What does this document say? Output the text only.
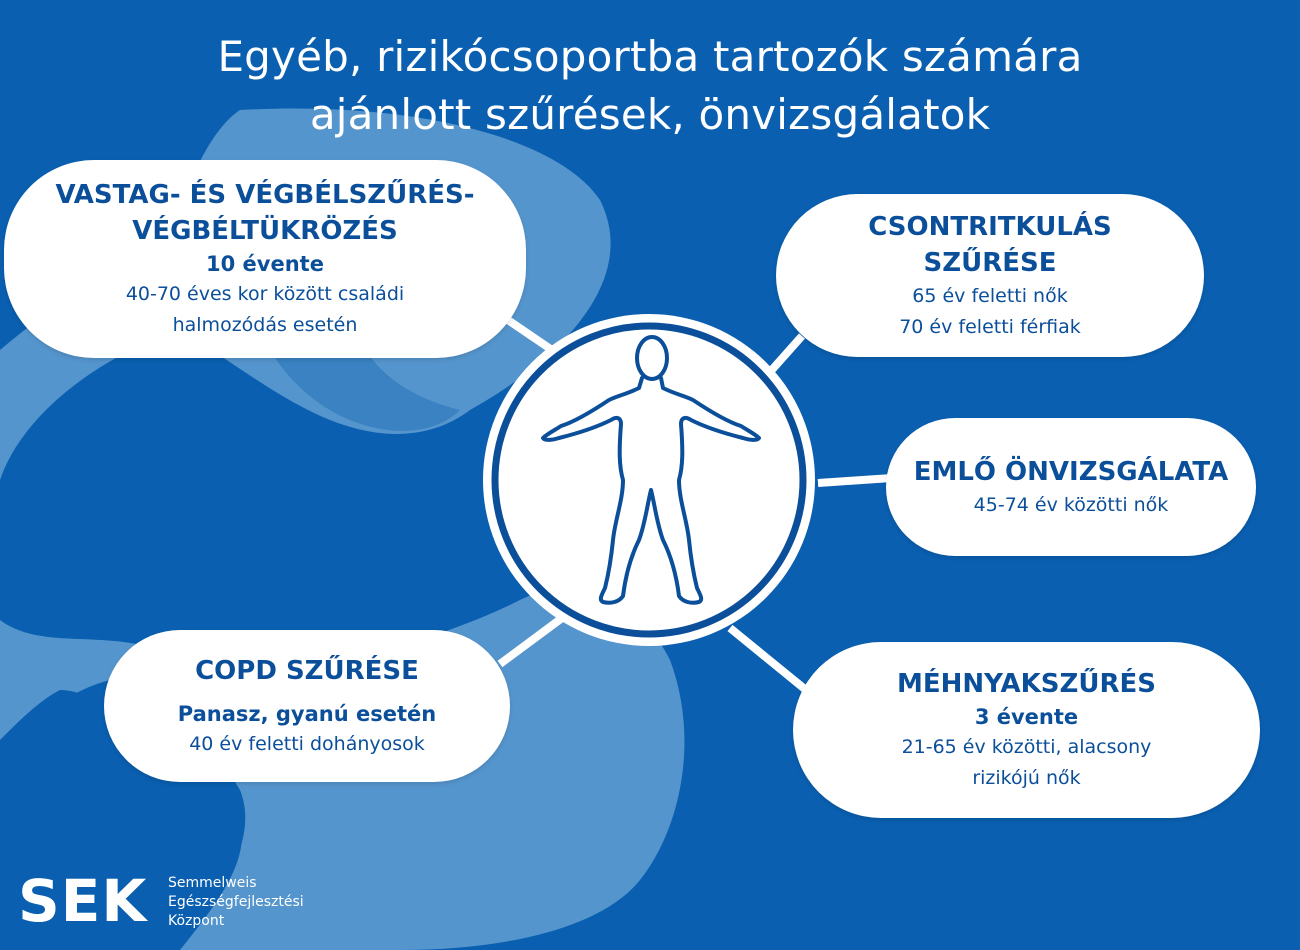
Egyéb, rizikócsoportba tartozók számára
ajánlott szűrések, önvizsgálatok
VASTAG- ÉS VÉGBÉLSZŰRÉS-
VÉGBÉLTÜKRÖZÉS
10 évente
40-70 éves kor között családi
halmozódás esetén
CSONTRITKULÁS
SZŰRÉSE
65 év feletti nők
70 év feletti férfiak
EMLŐ ÖNVIZSGÁLATA
45-74 év közötti nők
COPD SZŰRÉSE
Panasz, gyanú esetén
40 év feletti dohányosok
MÉHNYAKSZŰRÉS
3 évente
21-65 év közötti, alacsony
rizikójú nők
SEK Semmelweis
Egészségfejlesztési
Központ
